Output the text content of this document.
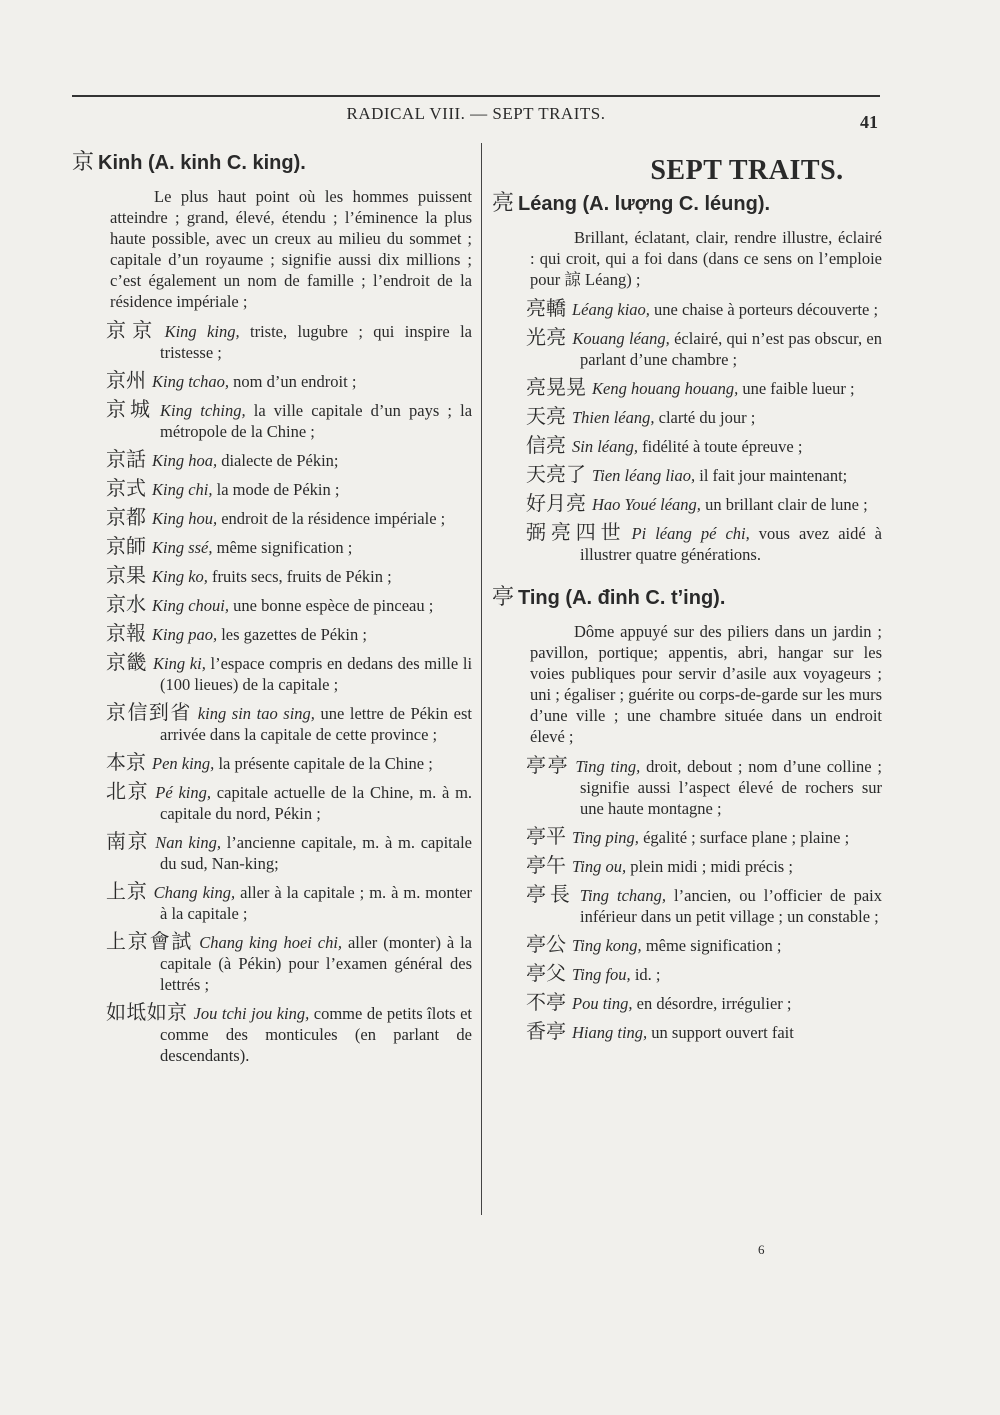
RADICAL VIII. — SEPT TRAITS.	41
京 Kinh (A. kinh C. king).
Le plus haut point où les hommes puissent atteindre ; grand, élevé, étendu ; l’éminence la plus haute possible, avec un creux au milieu du sommet ; capitale d’un royaume ; signifie aussi dix millions ; c’est également un nom de famille ; l’endroit de la résidence impériale ;
京京 King king, triste, lugubre ; qui inspire la tristesse ;
京州 King tchao, nom d’un endroit ;
京城 King tching, la ville capitale d’un pays ; la métropole de la Chine ;
京話 King hoa, dialecte de Pékin;
京式 King chi, la mode de Pékin ;
京都 King hou, endroit de la résidence impériale ;
京師 King ssé, même signification ;
京果 King ko, fruits secs, fruits de Pékin ;
京水 King choui, une bonne espèce de pinceau ;
京報 King pao, les gazettes de Pékin ;
京畿 King ki, l’espace compris en dedans des mille li (100 lieues) de la capitale ;
京信到省 king sin tao sing, une lettre de Pékin est arrivée dans la capitale de cette province ;
本京 Pen king, la présente capitale de la Chine ;
北京 Pé king, capitale actuelle de la Chine, m. à m. capitale du nord, Pékin ;
南京 Nan king, l’ancienne capitale, m. à m. capitale du sud, Nan-king;
上京 Chang king, aller à la capitale ; m. à m. monter à la capitale ;
上京會試 Chang king hoei chi, aller (monter) à la capitale (à Pékin) pour l’examen général des lettrés ;
如坻如京 Jou tchi jou king, comme de petits îlots et comme des monticules (en parlant de descendants).
SEPT TRAITS.
亮 Léang (A. lượng C. léung).
Brillant, éclatant, clair, rendre illustre, éclairé : qui croit, qui a foi dans (dans ce sens on l’emploie pour 諒 Léang) ;
亮轎 Léang kiao, une chaise à porteurs découverte ;
光亮 Kouang léang, éclairé, qui n’est pas obscur, en parlant d’une chambre ;
亮晃晃 Keng houang houang, une faible lueur ;
天亮 Thien léang, clarté du jour ;
信亮 Sin léang, fidélité à toute épreuve ;
天亮了 Tien léang liao, il fait jour maintenant;
好月亮 Hao Youé léang, un brillant clair de lune ;
弼亮四世 Pi léang pé chi, vous avez aidé à illustrer quatre générations.
亭 Ting (A. đinh C. t’ing).
Dôme appuyé sur des piliers dans un jardin ; pavillon, portique; appentis, abri, hangar sur les voies publiques pour servir d’asile aux voyageurs ; uni ; égaliser ; guérite ou corps-de-garde sur les murs d’une ville ; une chambre située dans un endroit élevé ;
亭亭 Ting ting, droit, debout ; nom d’une colline ; signifie aussi l’aspect élevé de rochers sur une haute montagne ;
亭平 Ting ping, égalité ; surface plane ; plaine ;
亭午 Ting ou, plein midi ; midi précis ;
亭長 Ting tchang, l’ancien, ou l’officier de paix inférieur dans un petit village ; un constable ;
亭公 Ting kong, même signification ;
亭父 Ting fou, id. ;
不亭 Pou ting, en désordre, irrégulier ;
香亭 Hiang ting, un support ouvert fait
6
